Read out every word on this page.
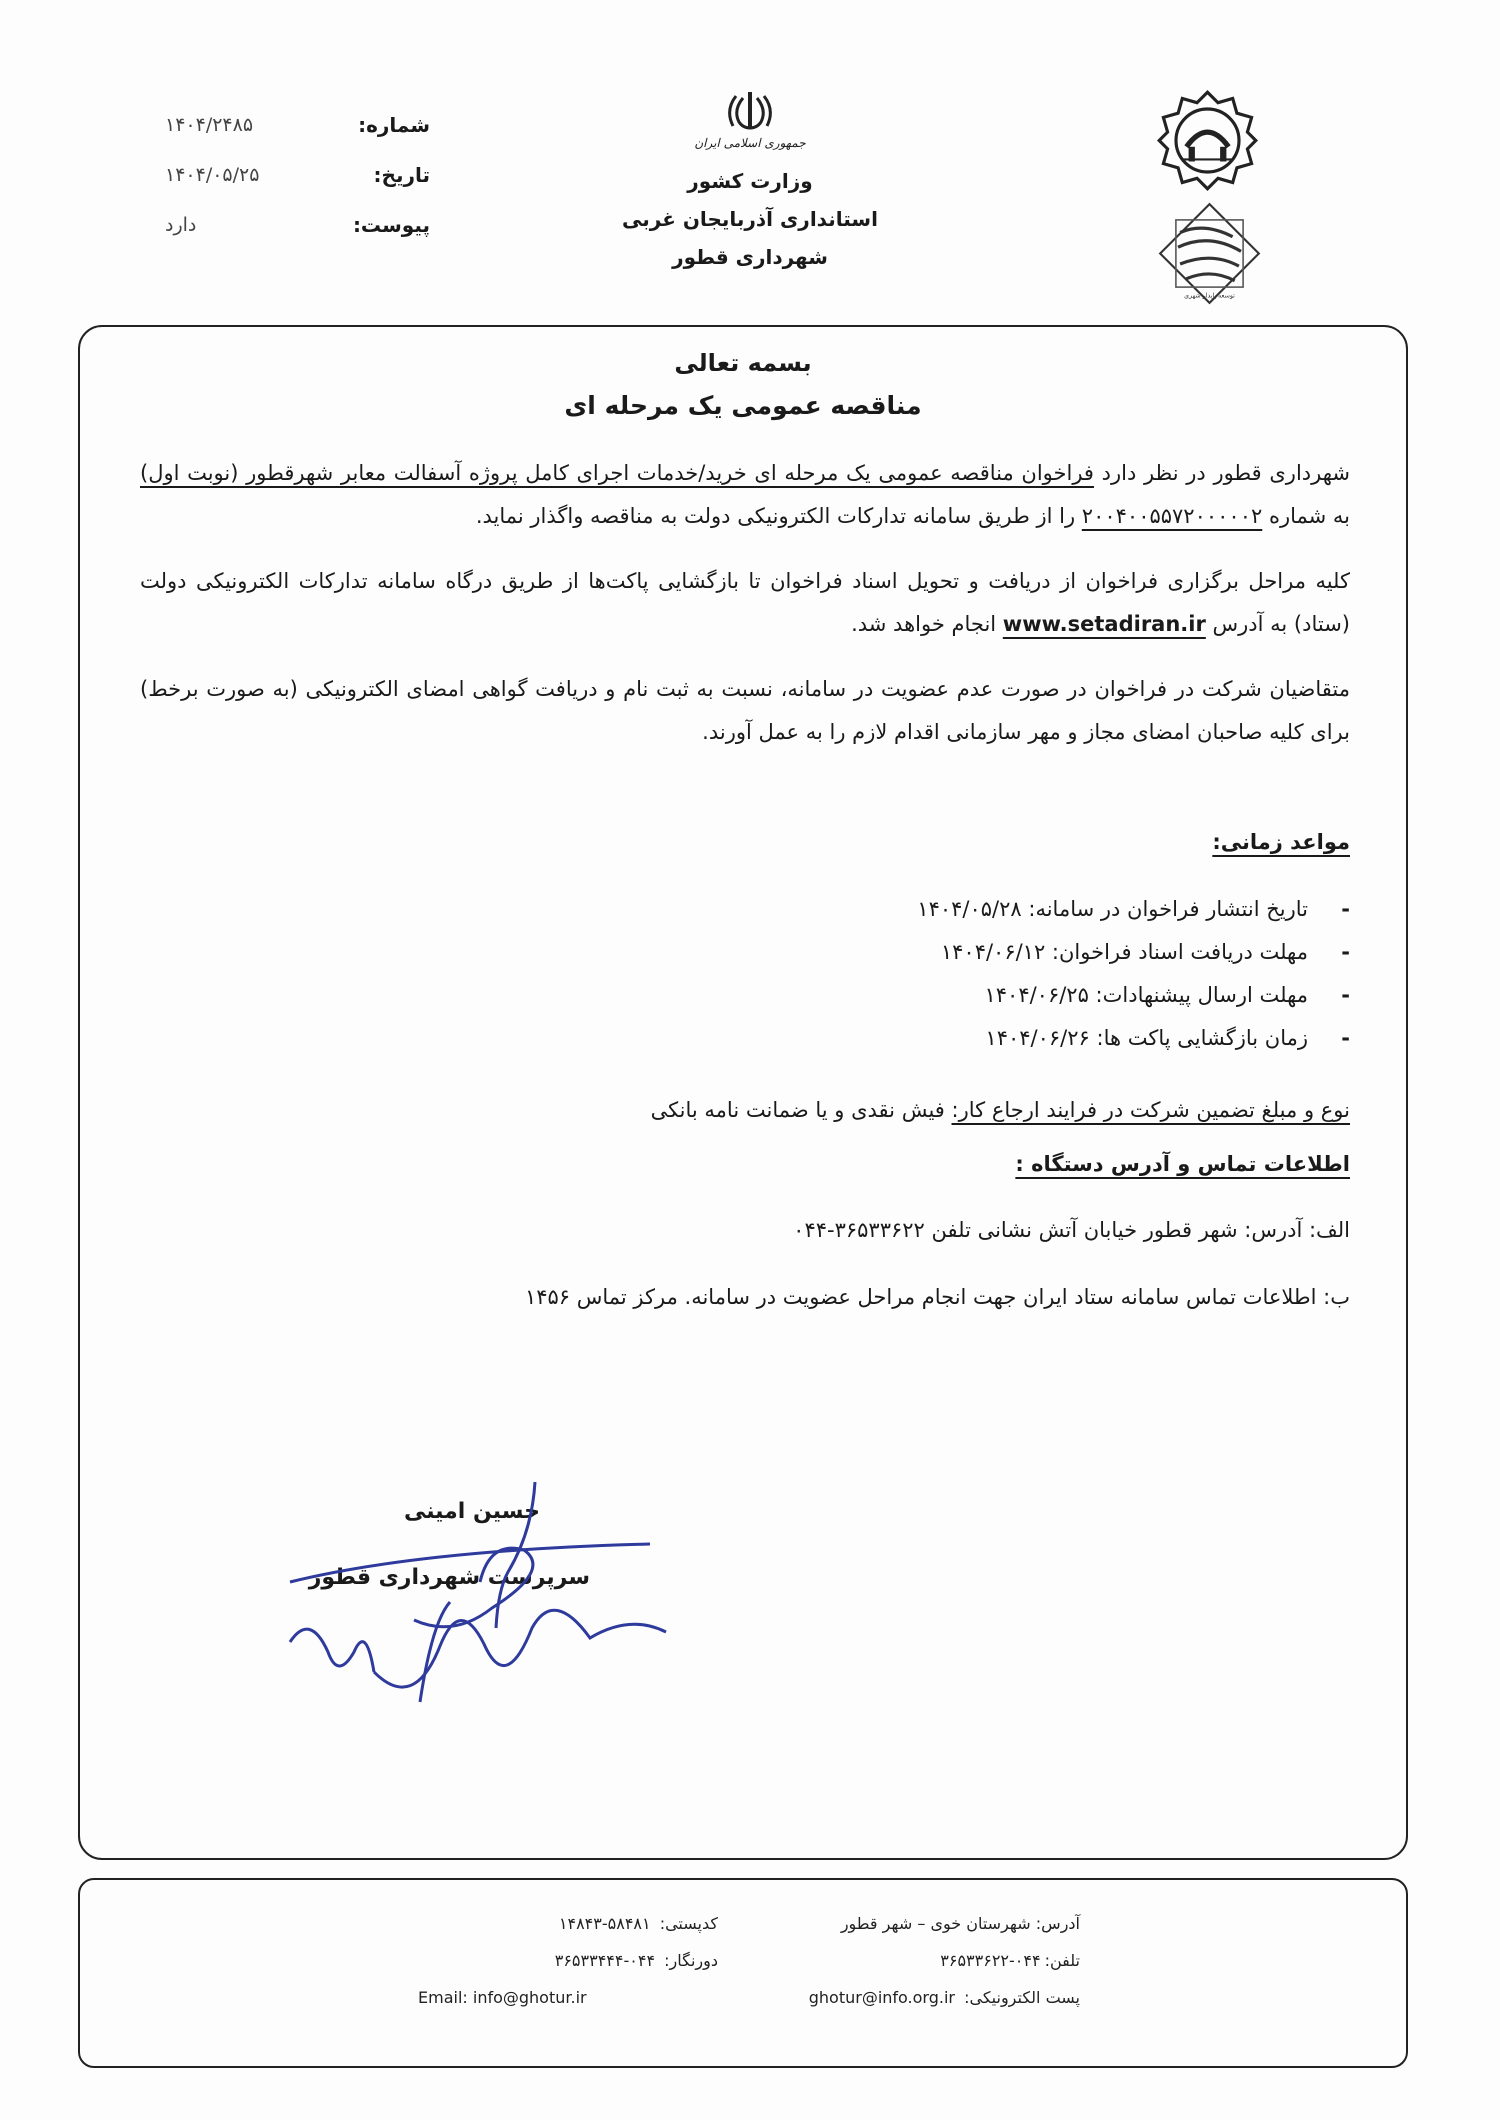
توسعه پایدار شهری
جمهوری اسلامی ایران

وزارت کشور

استانداری آذربایجان غربی

شهرداری قطور

شماره:
۱۴۰۴/۲۴۸۵
تاریخ:
۱۴۰۴/۰۵/۲۵
پیوست:
دارد

بسمه تعالی

مناقصه عمومی یک مرحله ای

شهرداری قطور در نظر دارد فراخوان مناقصه عمومی یک مرحله ای خرید/خدمات اجرای کامل پروژه آسفالت معابر شهرقطور (نوبت اول) به شماره ۲۰۰۴۰۰۵۵۷۲۰۰۰۰۰۲ را از طریق سامانه تدارکات الکترونیکی دولت به مناقصه واگذار نماید.

کلیه مراحل برگزاری فراخوان از دریافت و تحویل اسناد فراخوان تا بازگشایی پاکت‌ها از طریق درگاه سامانه تدارکات الکترونیکی دولت (ستاد) به آدرس www.setadiran.ir انجام خواهد شد.

متقاضیان شرکت در فراخوان در صورت عدم عضویت در سامانه، نسبت به ثبت نام و دریافت گواهی امضای الکترونیکی (به صورت برخط) برای کلیه صاحبان امضای مجاز و مهر سازمانی اقدام لازم را به عمل آورند.

مواعد زمانی:
-
تاریخ انتشار فراخوان در سامانه: ۱۴۰۴/۰۵/۲۸
-
مهلت دریافت اسناد فراخوان: ۱۴۰۴/۰۶/۱۲
-
مهلت ارسال پیشنهادات: ۱۴۰۴/۰۶/۲۵
-
زمان بازگشایی پاکت ها: ۱۴۰۴/۰۶/۲۶
نوع و مبلغ تضمین شرکت در فرایند ارجاع کار: فیش نقدی و یا ضمانت نامه بانکی
اطلاعات تماس و آدرس دستگاه :
الف: آدرس: شهر قطور خیابان آتش نشانی تلفن ۳۶۵۳۳۶۲۲-۰۴۴
ب: اطلاعات تماس سامانه ستاد ایران جهت انجام مراحل عضویت در سامانه. مرکز تماس ۱۴۵۶

حسین امینی

سرپرست شهرداری قطور

آدرس:

شهرستان خوی – شهر قطور
تلفن:
۳۶۵۳۳۶۲۲-۰۴۴
پست الکترونیکی:

ghotur@info.org.ir
کدپستی:

۱۴۸۴۳-۵۸۴۸۱
دورنگار:

۳۶۵۳۳۴۴۴-۰۴۴
Email:
info@ghotur.ir
